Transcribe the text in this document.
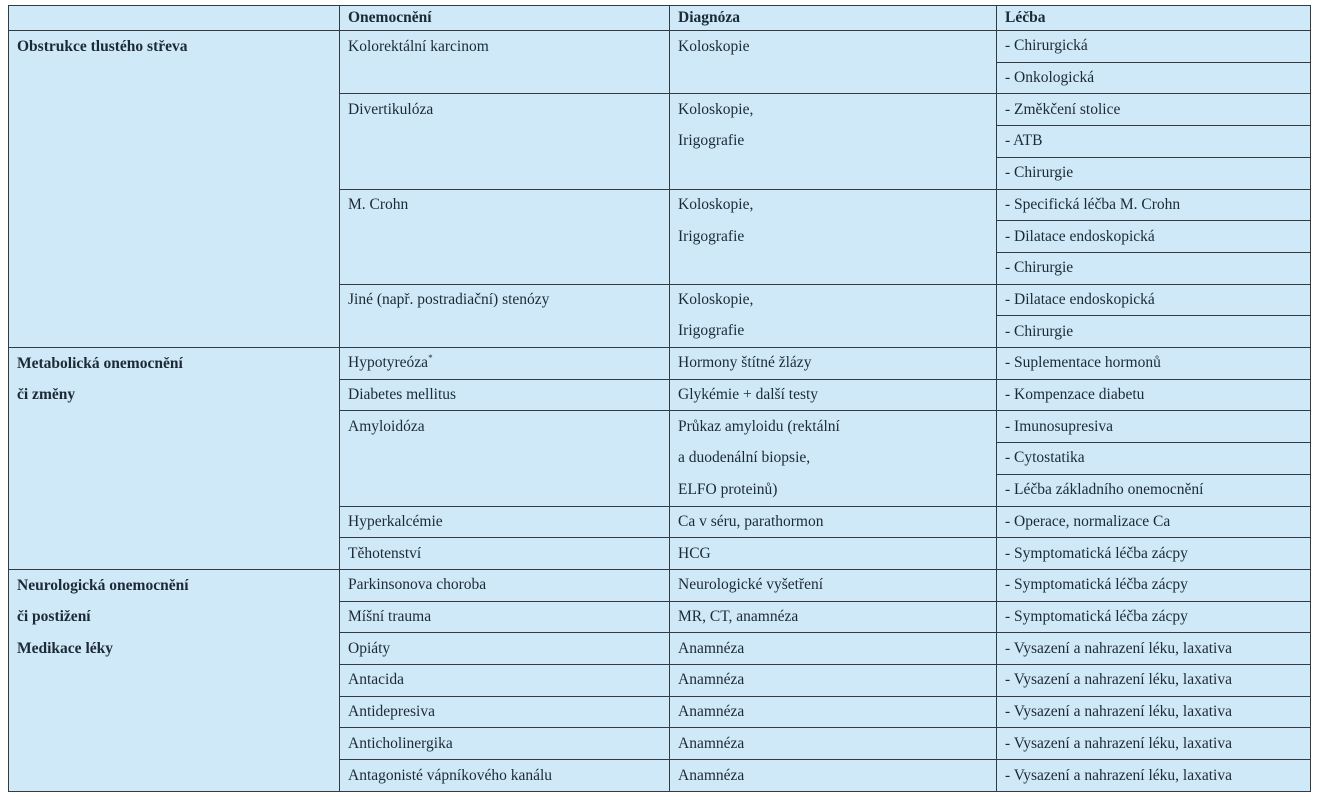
	Onemocnění	Diagnóza	Léčba
Obstrukce tlustého střeva	Kolorektální karcinom	Koloskopie	- Chirurgická
			- Onkologická
	Divertikulóza	Koloskopie,	- Změkčení stolice
		Irigografie	- ATB
			- Chirurgie
	M. Crohn	Koloskopie,	- Specifická léčba M. Crohn
		Irigografie	- Dilatace endoskopická
			- Chirurgie
	Jiné (např. postradiační) stenózy	Koloskopie,	- Dilatace endoskopická
		Irigografie	- Chirurgie
Metabolická onemocnění	Hypotyreóza*	Hormony štítné žlázy	- Suplementace hormonů
či změny	Diabetes mellitus	Glykémie + další testy	- Kompenzace diabetu
	Amyloidóza	Průkaz amyloidu (rektální	- Imunosupresiva
		a duodenální biopsie,	- Cytostatika
		ELFO proteinů)	- Léčba základního onemocnění
	Hyperkalcémie	Ca v séru, parathormon	- Operace, normalizace Ca
	Těhotenství	HCG	- Symptomatická léčba zácpy
Neurologická onemocnění	Parkinsonova choroba	Neurologické vyšetření	- Symptomatická léčba zácpy
či postižení	Míšní trauma	MR, CT, anamnéza	- Symptomatická léčba zácpy
Medikace léky	Opiáty	Anamnéza	- Vysazení a nahrazení léku, laxativa
	Antacida	Anamnéza	- Vysazení a nahrazení léku, laxativa
	Antidepresiva	Anamnéza	- Vysazení a nahrazení léku, laxativa
	Anticholinergika	Anamnéza	- Vysazení a nahrazení léku, laxativa
	Antagonisté vápníkového kanálu	Anamnéza	- Vysazení a nahrazení léku, laxativa
